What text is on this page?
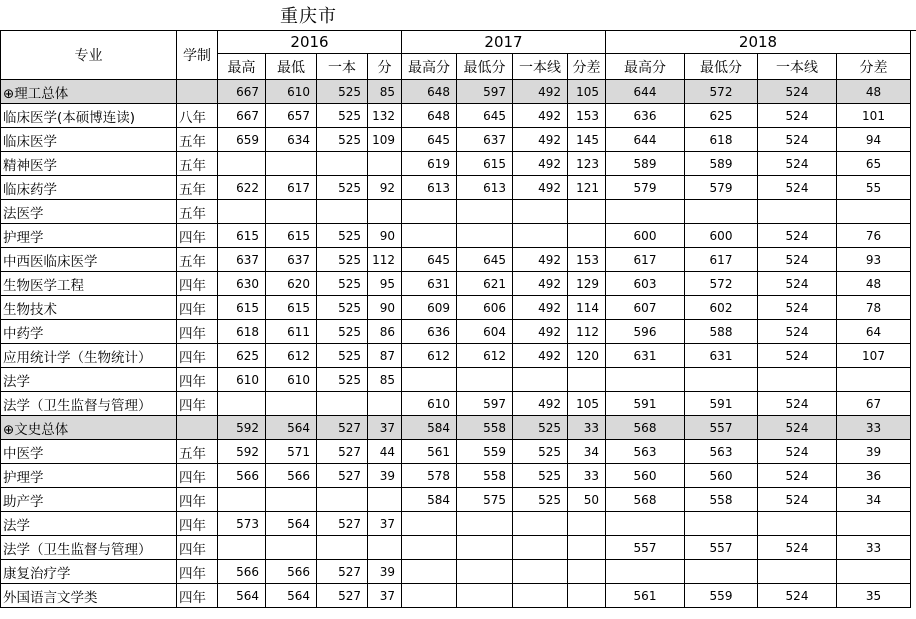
重庆市
专业	学制	2016				2017				2018			
		最高	最低	一本	分	最高分	最低分	一本线	分差	最高分	最低分	一本线	分差
⊕理工总体		667	610	525	85	648	597	492	105	644	572	524	48
临床医学(本硕博连读)	八年	667	657	525	132	648	645	492	153	636	625	524	101
临床医学	五年	659	634	525	109	645	637	492	145	644	618	524	94
精神医学	五年					619	615	492	123	589	589	524	65
临床药学	五年	622	617	525	92	613	613	492	121	579	579	524	55
法医学	五年												
护理学	四年	615	615	525	90					600	600	524	76
中西医临床医学	五年	637	637	525	112	645	645	492	153	617	617	524	93
生物医学工程	四年	630	620	525	95	631	621	492	129	603	572	524	48
生物技术	四年	615	615	525	90	609	606	492	114	607	602	524	78
中药学	四年	618	611	525	86	636	604	492	112	596	588	524	64
应用统计学（生物统计）	四年	625	612	525	87	612	612	492	120	631	631	524	107
法学	四年	610	610	525	85								
法学（卫生监督与管理）	四年					610	597	492	105	591	591	524	67
⊕文史总体		592	564	527	37	584	558	525	33	568	557	524	33
中医学	五年	592	571	527	44	561	559	525	34	563	563	524	39
护理学	四年	566	566	527	39	578	558	525	33	560	560	524	36
助产学	四年					584	575	525	50	568	558	524	34
法学	四年	573	564	527	37								
法学（卫生监督与管理）	四年									557	557	524	33
康复治疗学	四年	566	566	527	39								
外国语言文学类	四年	564	564	527	37					561	559	524	35
